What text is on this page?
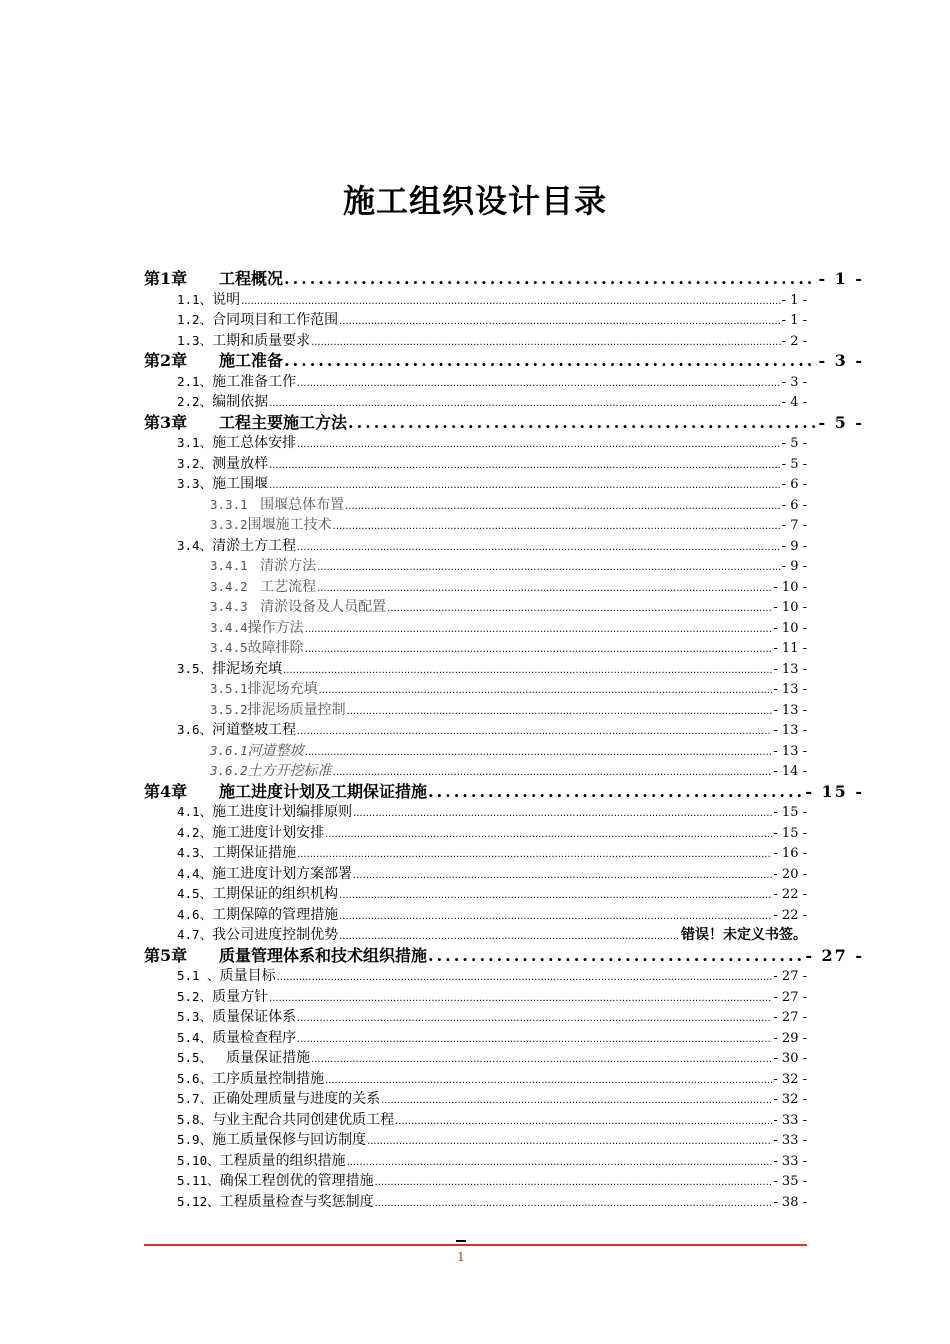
施工组织设计目录
第1章	工程概况 .....	- 1 -
1.1、 说明 .....	- 1 -
1.2、 合同项目和工作范围 .....	- 1 -
1.3、 工期和质量要求 .....	- 2 -
第2章	施工准备 .....	- 3 -
2.1、 施工准备工作 .....	- 3 -
2.2、 编制依据 .....	- 4 -
第3章	工程主要施工方法 .....	- 5 -
3.1、 施工总体安排 .....	- 5 -
3.2、 测量放样 .....	- 5 -
3.3、 施工围堰 .....	- 6 -
3.3.1　 围堰总体布置 .....	- 6 -
3.3.2 围堰施工技术 .....	- 7 -
3.4、 清淤土方工程 .....	- 9 -
3.4.1　 清淤方法 .....	- 9 -
3.4.2　 工艺流程 .....	- 10 -
3.4.3　 清淤设备及人员配置 .....	- 10 -
3.4.4 操作方法 .....	- 10 -
3.4.5 故障排除 .....	- 11 -
3.5、 排泥场充填 .....	- 13 -
3.5.1 排泥场充填 .....	- 13 -
3.5.2 排泥场质量控制 .....	- 13 -
3.6、 河道整坡工程 .....	- 13 -
3.6.1 河道整坡 .....	- 13 -
3.6.2 土方开挖标准 .....	- 14 -
第4章	施工进度计划及工期保证措施 .....	- 15 -
4.1、 施工进度计划编排原则 .....	- 15 -
4.2、 施工进度计划安排 .....	- 15 -
4.3、 工期保证措施 .....	- 16 -
4.4、 施工进度计划方案部署 .....	- 20 -
4.5、 工期保证的组织机构 .....	- 22 -
4.6、 工期保障的管理措施 .....	- 22 -
4.7、 我公司进度控制优势 .....	错误！未定义书签。
第5章	质量管理体系和技术组织措施 .....	- 27 -
5.1 、 质量目标 .....	- 27 -
5.2、 质量方针 .....	- 27 -
5.3、 质量保证体系 .....	- 27 -
5.4、 质量检查程序 .....	- 29 -
5.5、 　质量保证措施 .....	- 30 -
5.6、 工序质量控制措施 .....	- 32 -
5.7、 正确处理质量与进度的关系 .....	- 32 -
5.8、 与业主配合共同创建优质工程 .....	- 33 -
5.9、 施工质量保修与回访制度 .....	- 33 -
5.10、 工程质量的组织措施 .....	- 33 -
5.11、 确保工程创优的管理措施 .....	- 35 -
5.12、 工程质量检查与奖惩制度 .....	- 38 -
1
